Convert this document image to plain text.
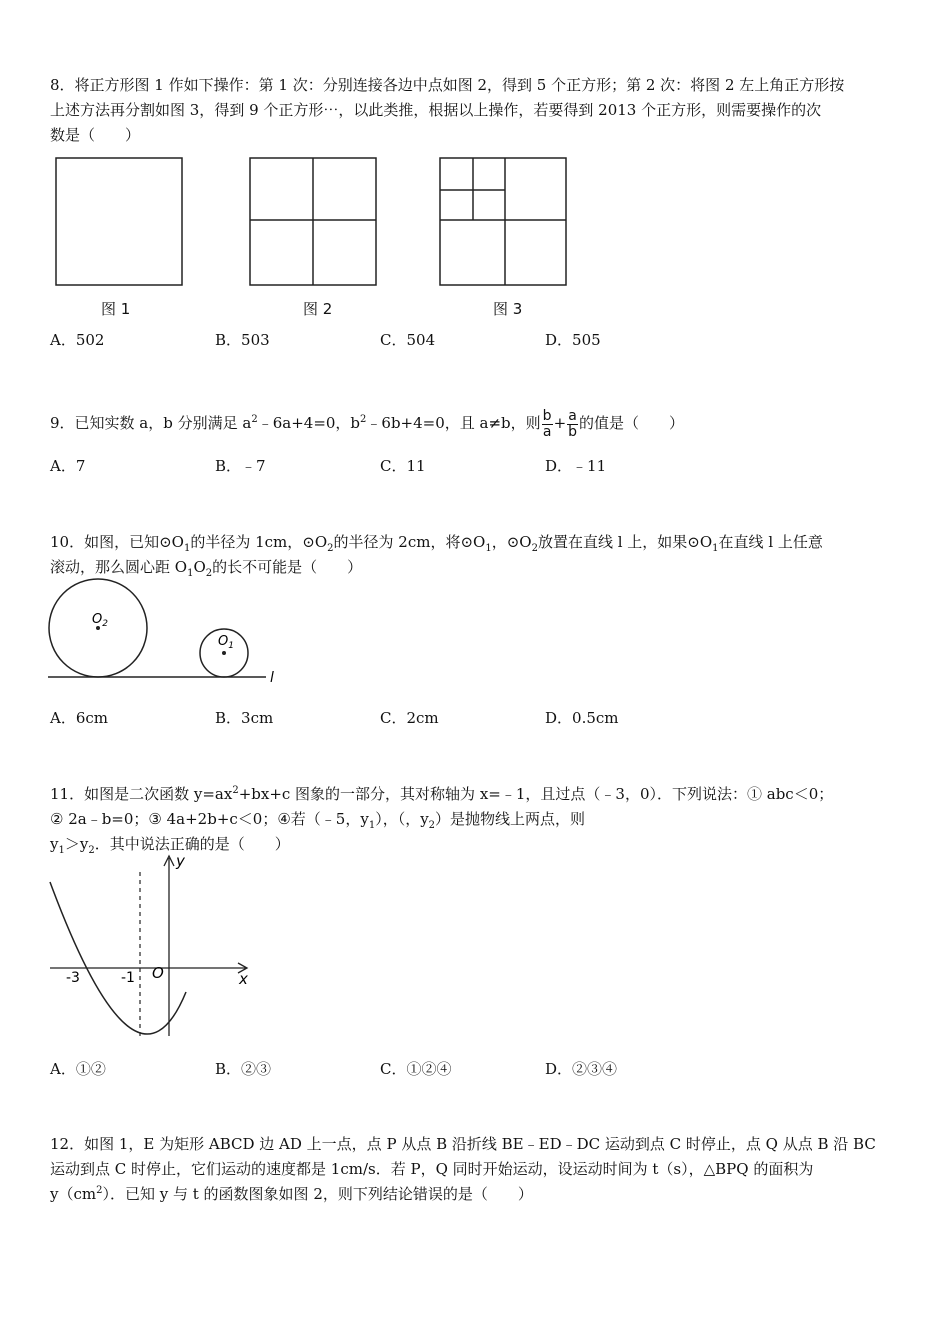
8．将正方形图 1 作如下操作：第 1 次：分别连接各边中点如图 2，得到 5 个正方形；第 2 次：将图 2 左上角正方形按
上述方法再分割如图 3，得到 9 个正方形⋯，以此类推，根据以上操作，若要得到 2013 个正方形，则需要操作的次
数是（　　）
图 1	图 2	图 3
A．502	B．503	C．504	D．505
9．已知实数 a，b 分别满足 $a^2﹣6a+4=0$，$b^2﹣6b+4=0$，且 a≠b，则 $\frac{b}{a} + \frac{a}{b}$ 的值是（　　）
A．7	B．﹣7	C．11	D．﹣11
10．如图，已知$⊙O_1$的半径为 1cm，$⊙O_2$的半径为 2cm，将$⊙O_1$，$⊙O_2$放置在直线 l 上，如果$⊙O_1$在直线 l 上任意
滚动，那么圆心距 $O_1O_2$的长不可能是（　　）
$O_2$
$O_1$
l
A．6cm	B．3cm	C．2cm	D．0.5cm
11．如图是二次函数 $y=ax^2+bx+c$ 图象的一部分，其对称轴为 x=﹣1，且过点（﹣3，0）．下列说法：① abc＜0；
② 2a﹣b=0；③ 4a+2b+c＜0；④若（﹣5，$y_1$），（，$y_2$）是抛物线上两点，则
$y_1>y_2$．其中说法正确的是（　　）
y
x
-3	-1 O
A．①②	B．②③	C．①②④	D．②③④
12．如图 1，E 为矩形 ABCD 边 AD 上一点，点 P 从点 B 沿折线 BE﹣ED﹣DC 运动到点 C 时停止，点 Q 从点 B 沿 BC
运动到点 C 时停止，它们运动的速度都是 1cm/s．若 P，Q 同时开始运动，设运动时间为 t（s），△BPQ 的面积为
$y(cm^2)$．已知 y 与 t 的函数图象如图 2，则下列结论错误的是（　　）
